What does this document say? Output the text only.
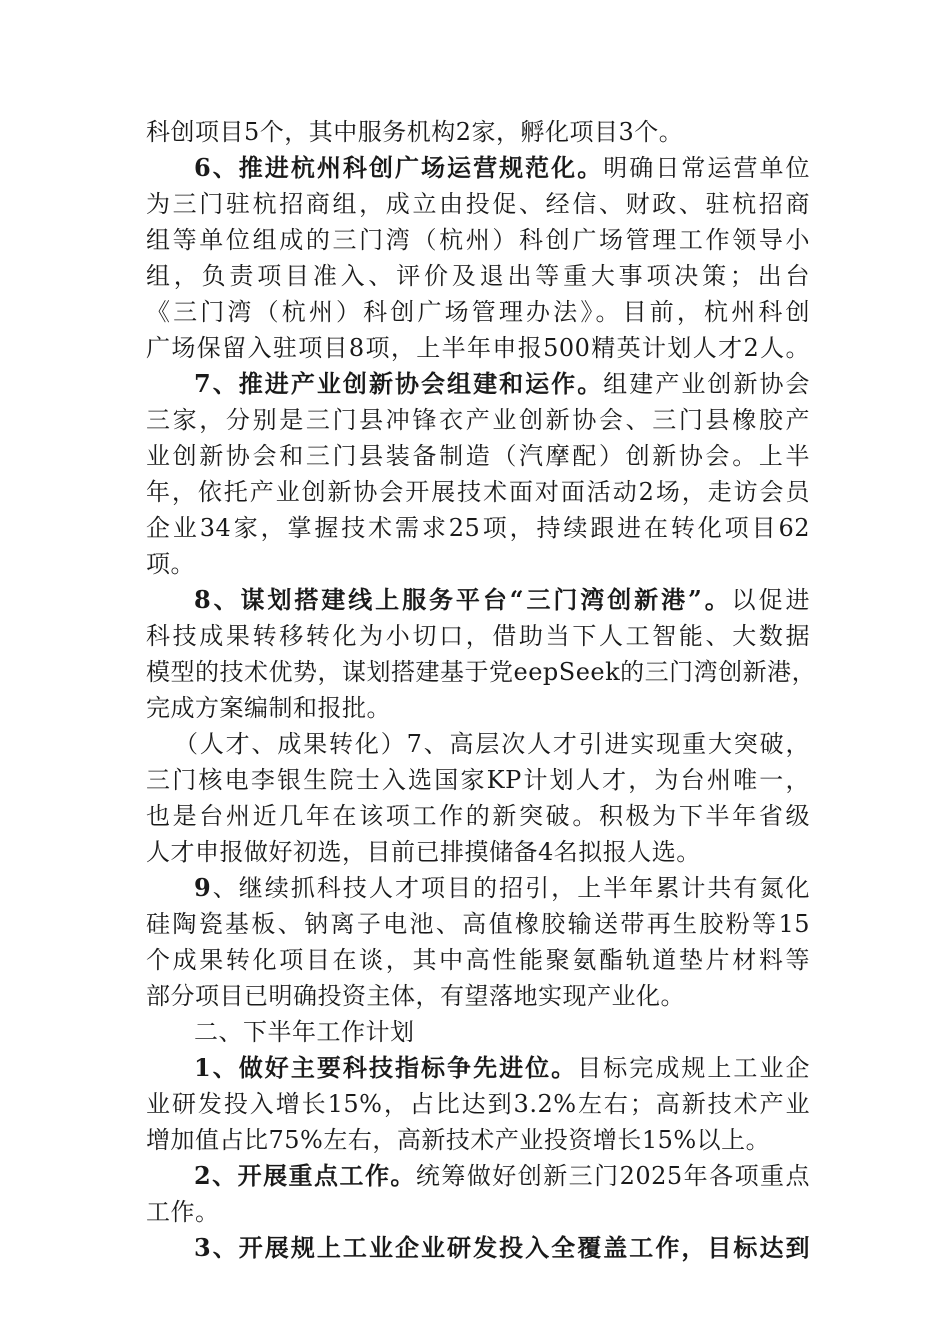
科创项目5个，其中服务机构2家，孵化项目3个。
6、推进杭州科创广场运营规范化。明确日常运营单位
为三门驻杭招商组，成立由投促、经信、财政、驻杭招商
组等单位组成的三门湾（杭州）科创广场管理工作领导小
组，负责项目准入、评价及退出等重大事项决策；出台
《三门湾（杭州）科创广场管理办法》。目前，杭州科创
广场保留入驻项目8项，上半年申报500精英计划人才2人。
7、推进产业创新协会组建和运作。组建产业创新协会
三家，分别是三门县冲锋衣产业创新协会、三门县橡胶产
业创新协会和三门县装备制造（汽摩配）创新协会。上半
年，依托产业创新协会开展技术面对面活动2场，走访会员
企业34家，掌握技术需求25项，持续跟进在转化项目62
项。
8、谋划搭建线上服务平台“三门湾创新港”。以促进
科技成果转移转化为小切口，借助当下人工智能、大数据
模型的技术优势，谋划搭建基于党eepSeek的三门湾创新港，
完成方案编制和报批。
（人才、成果转化）7、高层次人才引进实现重大突破，
三门核电李银生院士入选国家KP计划人才，为台州唯一，
也是台州近几年在该项工作的新突破。积极为下半年省级
人才申报做好初选，目前已排摸储备4名拟报人选。
9、继续抓科技人才项目的招引，上半年累计共有氮化
硅陶瓷基板、钠离子电池、高值橡胶输送带再生胶粉等15
个成果转化项目在谈，其中高性能聚氨酯轨道垫片材料等
部分项目已明确投资主体，有望落地实现产业化。
二、下半年工作计划
1、做好主要科技指标争先进位。目标完成规上工业企
业研发投入增长15%，占比达到3.2%左右；高新技术产业
增加值占比75%左右，高新技术产业投资增长15%以上。
2、开展重点工作。统筹做好创新三门2025年各项重点
工作。
3、开展规上工业企业研发投入全覆盖工作，目标达到
